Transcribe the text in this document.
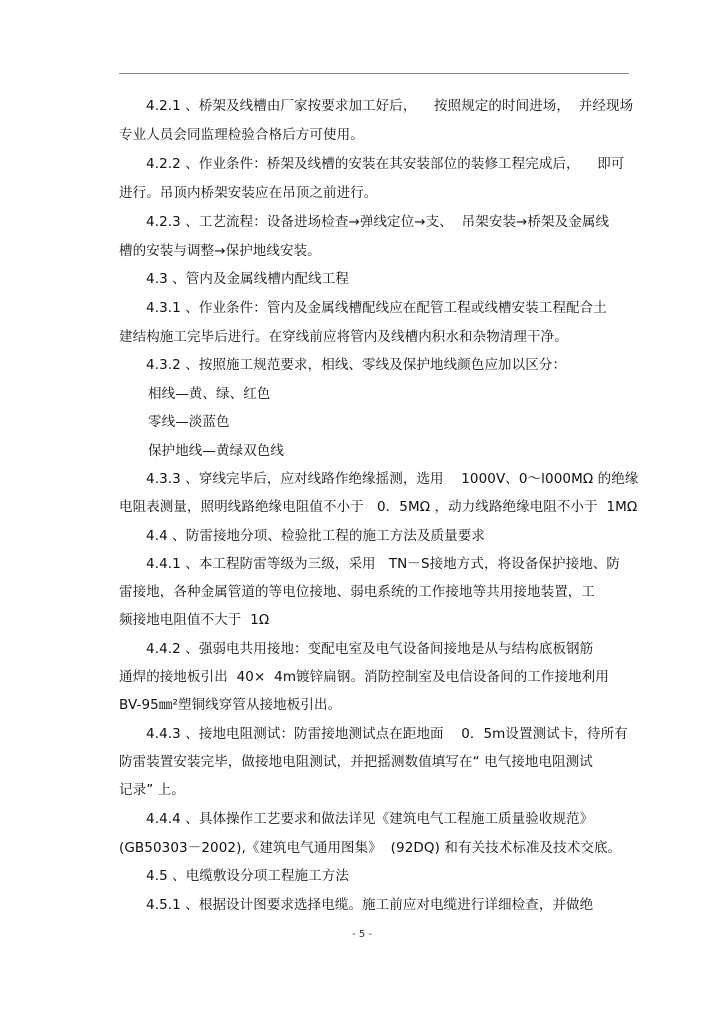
4.2.1 、桥架及线槽由厂家按要求加工好后，    按照规定的时间进场，  并经现场
专业人员会同监理检验合格后方可使用。
4.2.2 、作业条件：桥架及线槽的安装在其安装部位的装修工程完成后，    即可
进行。吊顶内桥架安装应在吊顶之前进行。
4.2.3 、工艺流程：设备进场检查→弹线定位→支、  吊架安装→桥架及金属线
槽的安装与调整→保护地线安装。
4.3 、管内及金属线槽内配线工程
4.3.1 、作业条件：管内及金属线槽配线应在配管工程或线槽安装工程配合土
建结构施工完毕后进行。在穿线前应将管内及线槽内积水和杂物清理干净。
4.3.2 、按照施工规范要求，相线、零线及保护地线颜色应加以区分：
相线—黄、绿、红色
零线—淡蓝色
保护地线—黄绿双色线
4.3.3 、穿线完毕后，应对线路作绝缘摇测，选用    1000V、0～l000MΩ 的绝缘
电阻表测量，照明线路绝缘电阻值不小于   0．5MΩ ，动力线路绝缘电阻不小于  1MΩ
4.4 、防雷接地分项、检验批工程的施工方法及质量要求
4.4.1 、本工程防雷等级为三级，采用   TN－S接地方式，将设备保护接地、防
雷接地，各种金属管道的等电位接地、弱电系统的工作接地等共用接地装置，工
频接地电阻值不大于  1Ω
4.4.2 、强弱电共用接地：变配电室及电气设备间接地是从与结构底板钢筋
通焊的接地板引出  40×  4m镀锌扁钢。消防控制室及电信设备间的工作接地利用
BV-95㎜²塑铜线穿管从接地板引出。
4.4.3 、接地电阻测试：防雷接地测试点在距地面    0．5m设置测试卡，待所有
防雷装置安装完毕，做接地电阻测试，并把摇测数值填写在“ 电气接地电阻测试
记录” 上。
4.4.4 、具体操作工艺要求和做法详见《建筑电气工程施工质量验收规范》
(GB50303－2002),《建筑电气通用图集》  (92DQ) 和有关技术标准及技术交底。
4.5 、电缆敷设分项工程施工方法
4.5.1 、根据设计图要求选择电缆。施工前应对电缆进行详细检查，并做绝
- 5 -
